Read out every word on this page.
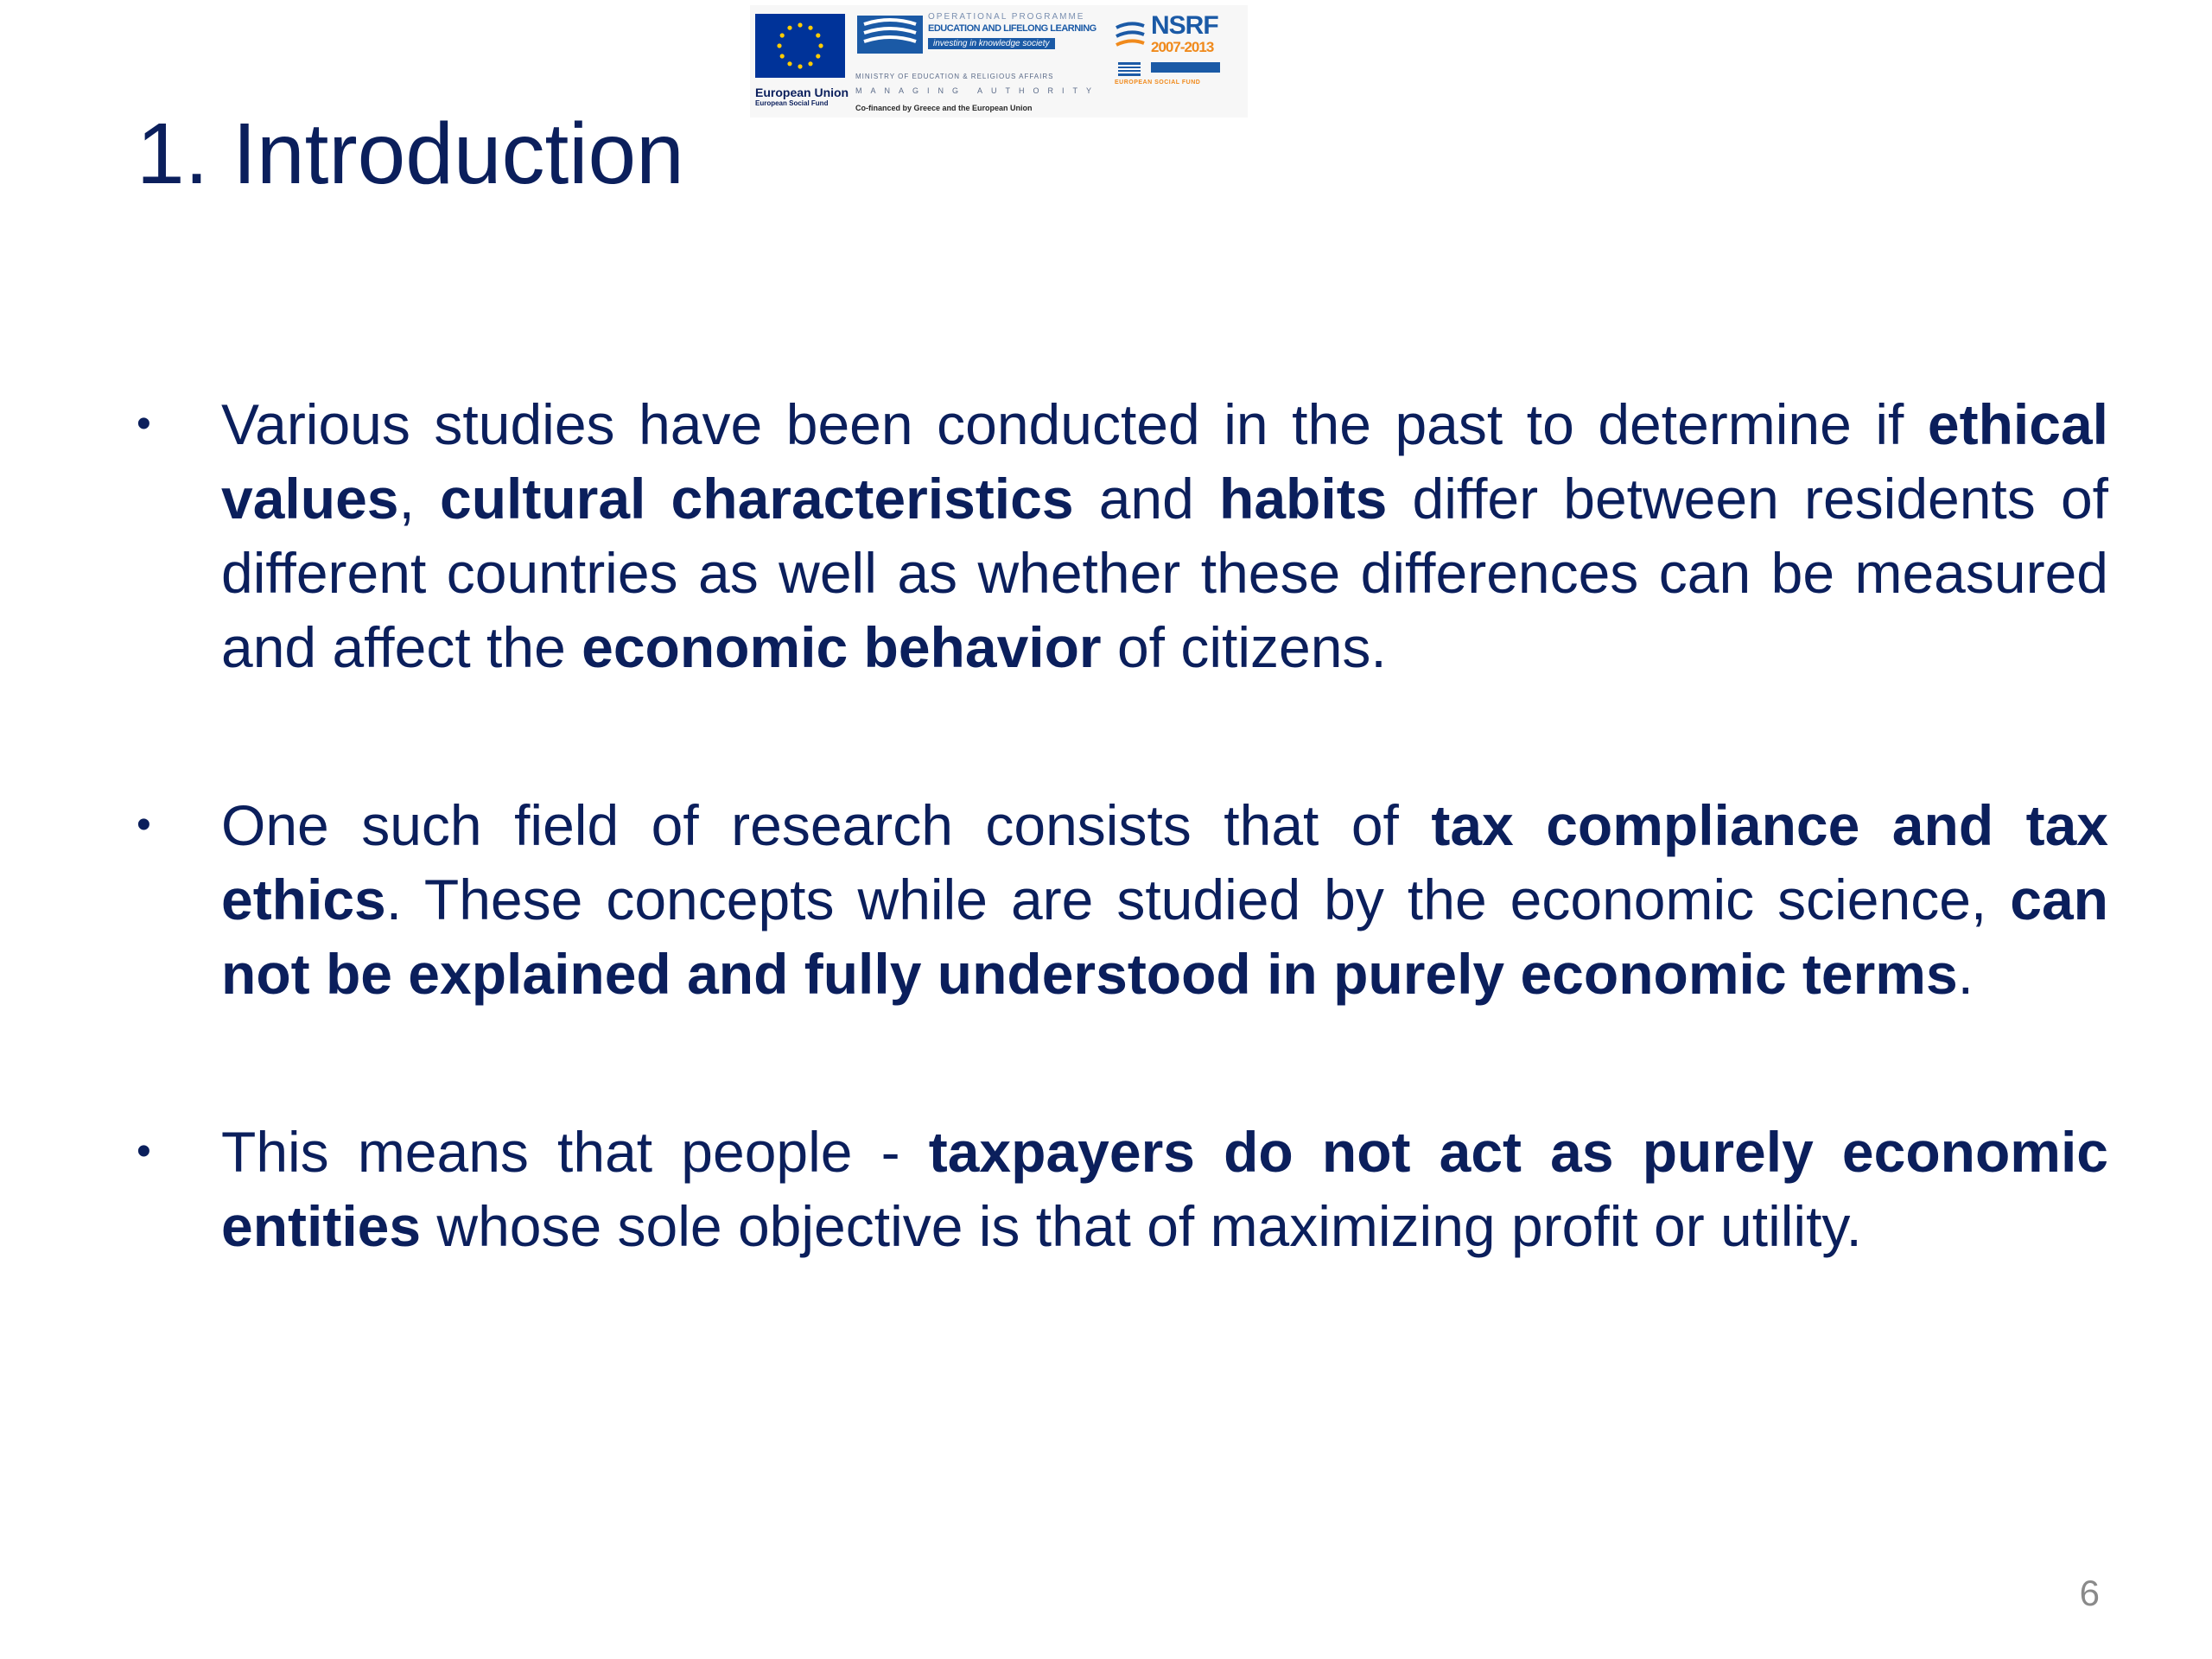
European Union
European Social Fund
OPERATIONAL PROGRAMME
EDUCATION AND LIFELONG LEARNING
investing in knowledge society
MINISTRY OF EDUCATION & RELIGIOUS AFFAIRS
MANAGING AUTHORITY
Co-financed by Greece and the European Union
NSRF
2007-2013
EUROPEAN SOCIAL FUND
1. Introduction
• Various studies have been conducted in the past to determine if ethical values, cultural characteristics and habits differ between residents of different countries as well as whether these differences can be measured and affect the economic behavior of citizens.
• One such field of research consists that of tax compliance and tax ethics. These concepts while are studied by the economic science, can not be explained and fully understood in purely economic terms.
• This means that people - taxpayers do not act as purely economic entities whose sole objective is that of maximizing profit or utility.
6
